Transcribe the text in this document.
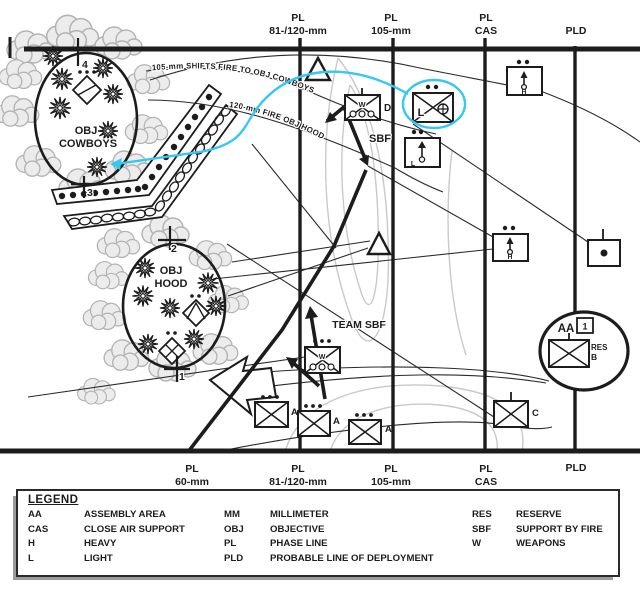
OBJ
COWBOYS
OBJ
HOOD
4
3
2
1
105-mm SHIFTS FIRE TO OBJ COWBOYS
120-mm FIRE OBJ HOOD
W D L
L
H
H
W
A
A
A
C
AA 1
RES
B
SBF
TEAM SBF
PL
81-/120-mm
PL
105-mm
PL
CAS	PLD
PL
60-mm
PL
81-/120-mm
PL
105-mm
PL
CAS
PLD
LEGEND
AA	ASSEMBLY AREA
CAS	CLOSE AIR SUPPORT
H	HEAVY
L	LIGHT
MM	MILLIMETER
OBJ	OBJECTIVE
PL	PHASE LINE
PLD	PROBABLE LINE OF DEPLOYMENT
RES	RESERVE
SBF	SUPPORT BY FIRE
W	WEAPONS
